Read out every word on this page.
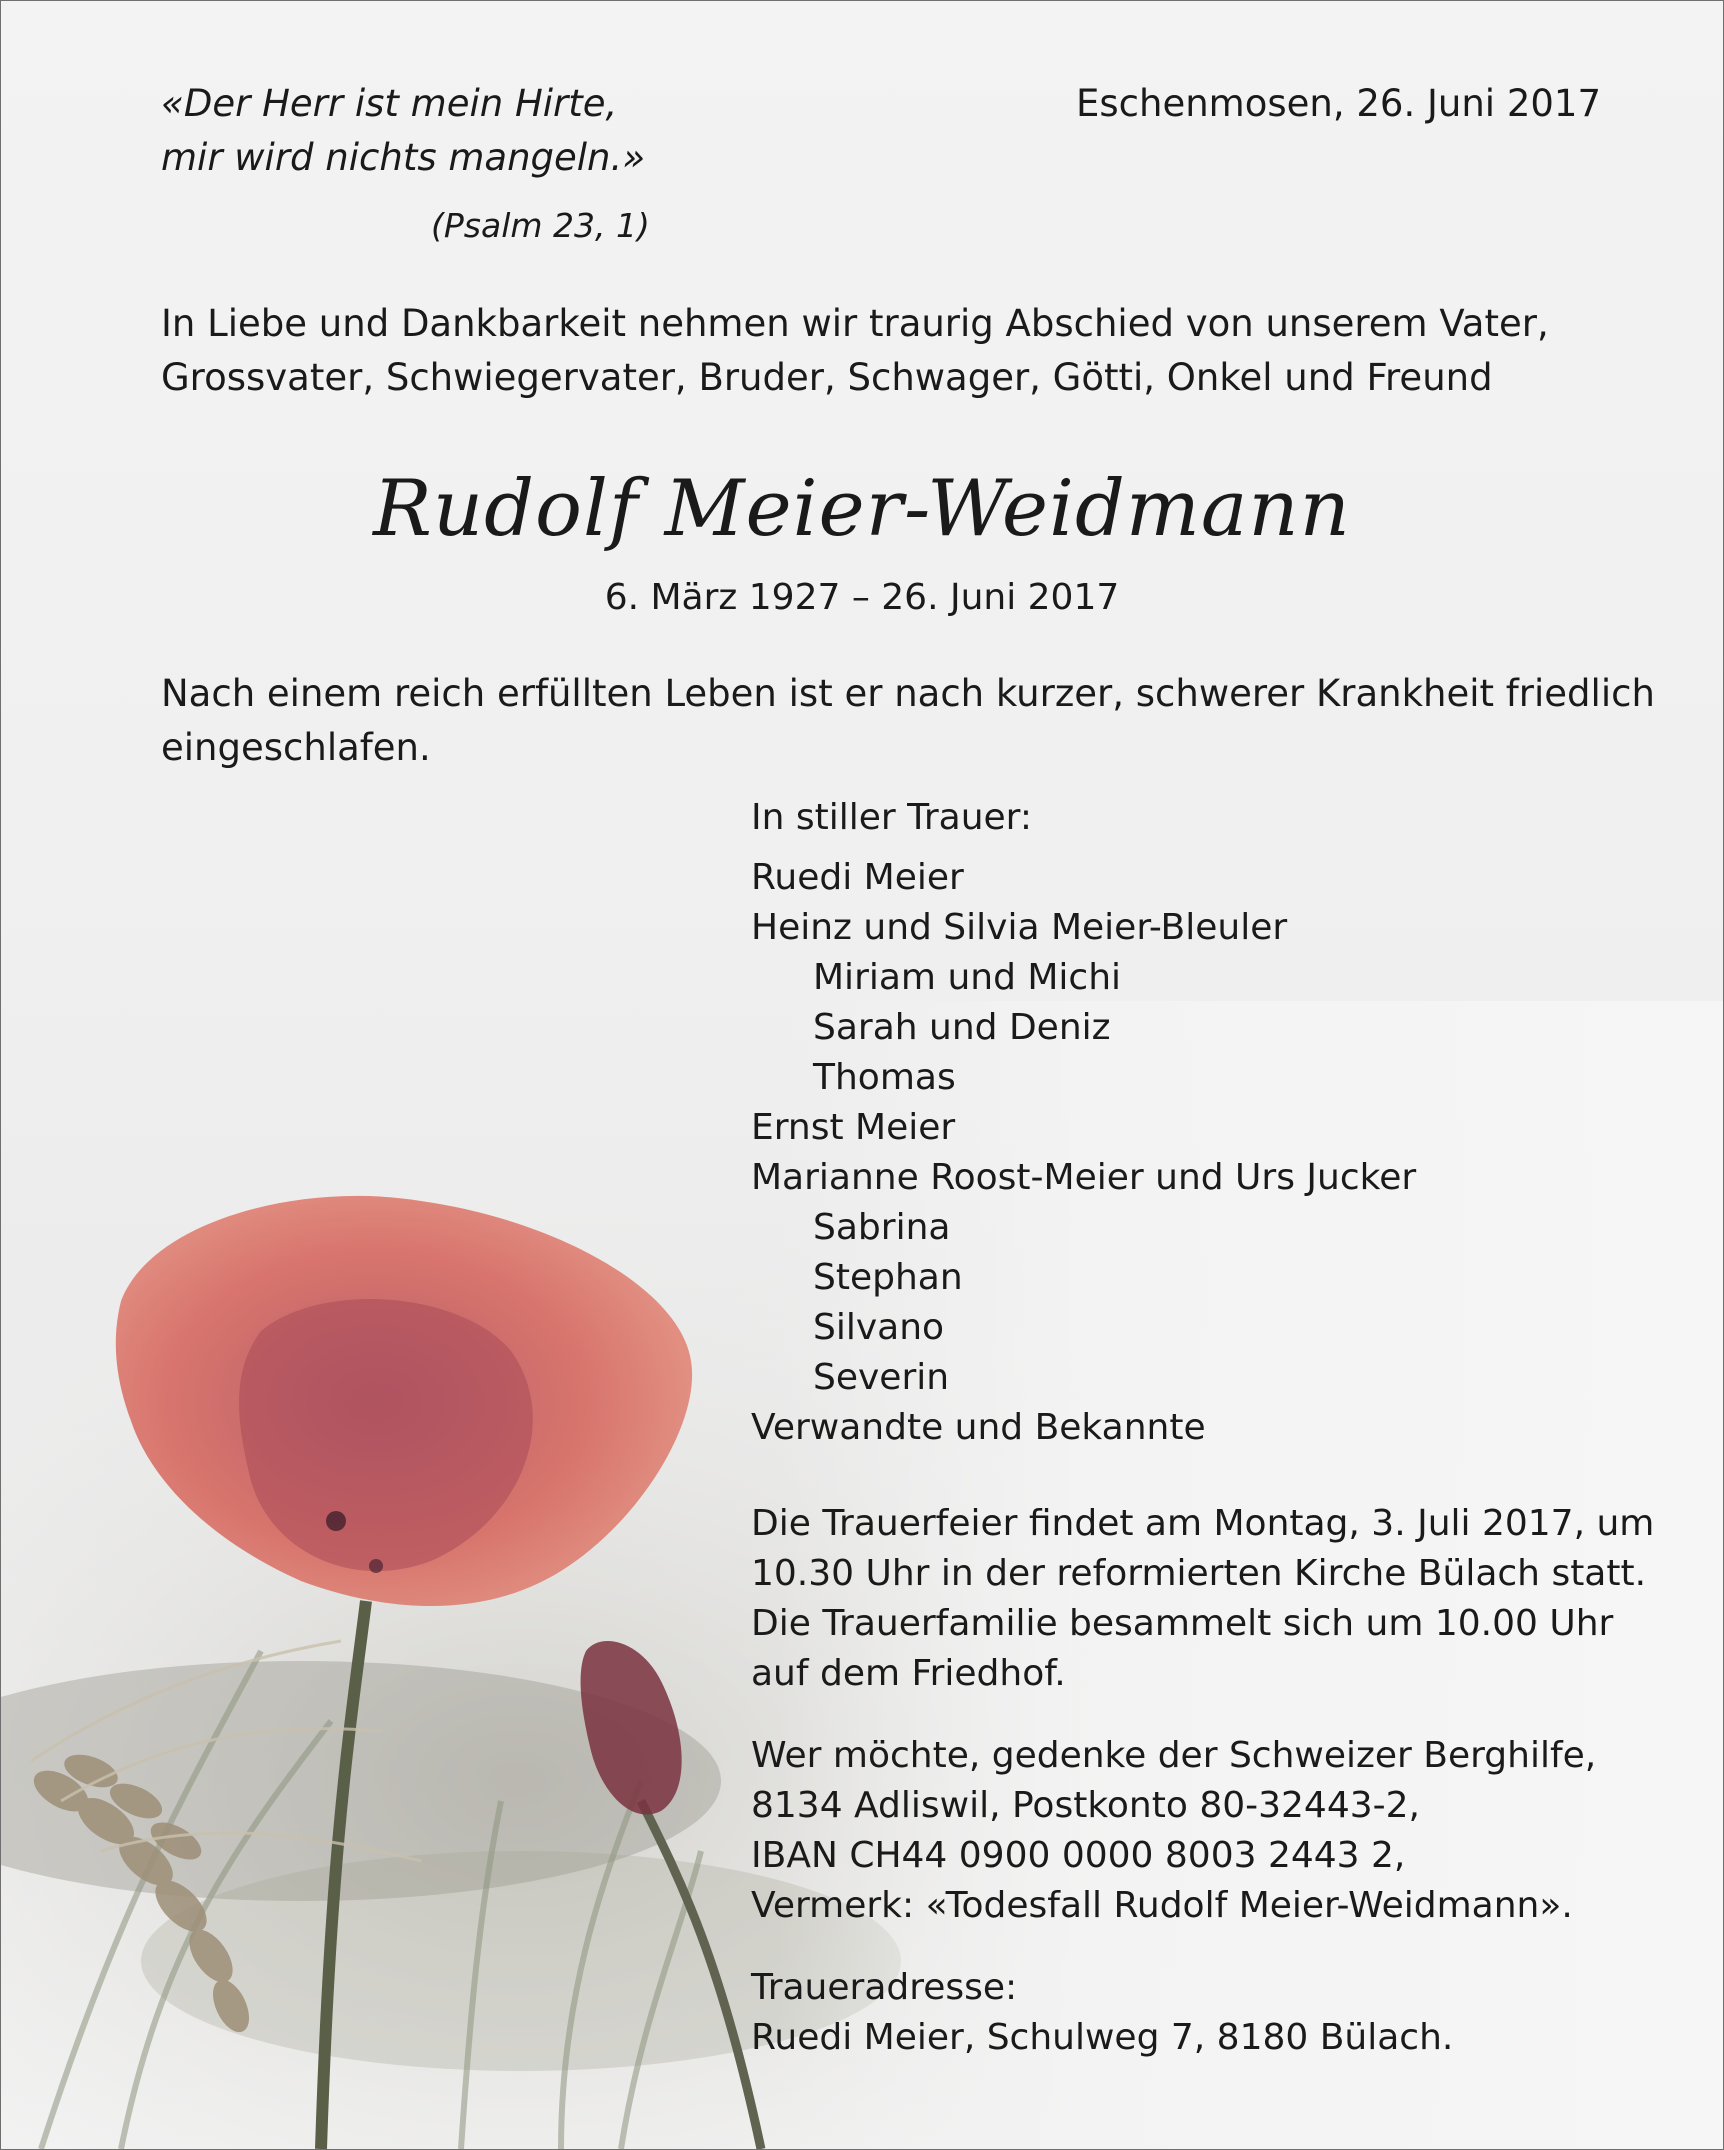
«Der Herr ist mein Hirte,

mir wird nichts mangeln.»

(Psalm 23, 1)

Eschenmosen, 26. Juni 2017

In Liebe und Dankbarkeit nehmen wir traurig Abschied von unserem Vater,

Grossvater, Schwiegervater, Bruder, Schwager, Götti, Onkel und Freund

Rudolf Meier-Weidmann

6. März 1927 – 26. Juni 2017

Nach einem reich erfüllten Leben ist er nach kurzer, schwerer Krankheit friedlich

eingeschlafen.

In stiller Trauer:

Ruedi Meier

Heinz und Silvia Meier-Bleuler

Miriam und Michi

Sarah und Deniz

Thomas

Ernst Meier

Marianne Roost-Meier und Urs Jucker

Sabrina

Stephan

Silvano

Severin

Verwandte und Bekannte

Die Trauerfeier findet am Montag, 3. Juli 2017, um

10.30 Uhr in der reformierten Kirche Bülach statt.

Die Trauerfamilie besammelt sich um 10.00 Uhr

auf dem Friedhof.

Wer möchte, gedenke der Schweizer Berghilfe,

8134 Adliswil, Postkonto 80-32443-2,

IBAN CH44 0900 0000 8003 2443 2,

Vermerk: «Todesfall Rudolf Meier-Weidmann».

Traueradresse:

Ruedi Meier, Schulweg 7, 8180 Bülach.
